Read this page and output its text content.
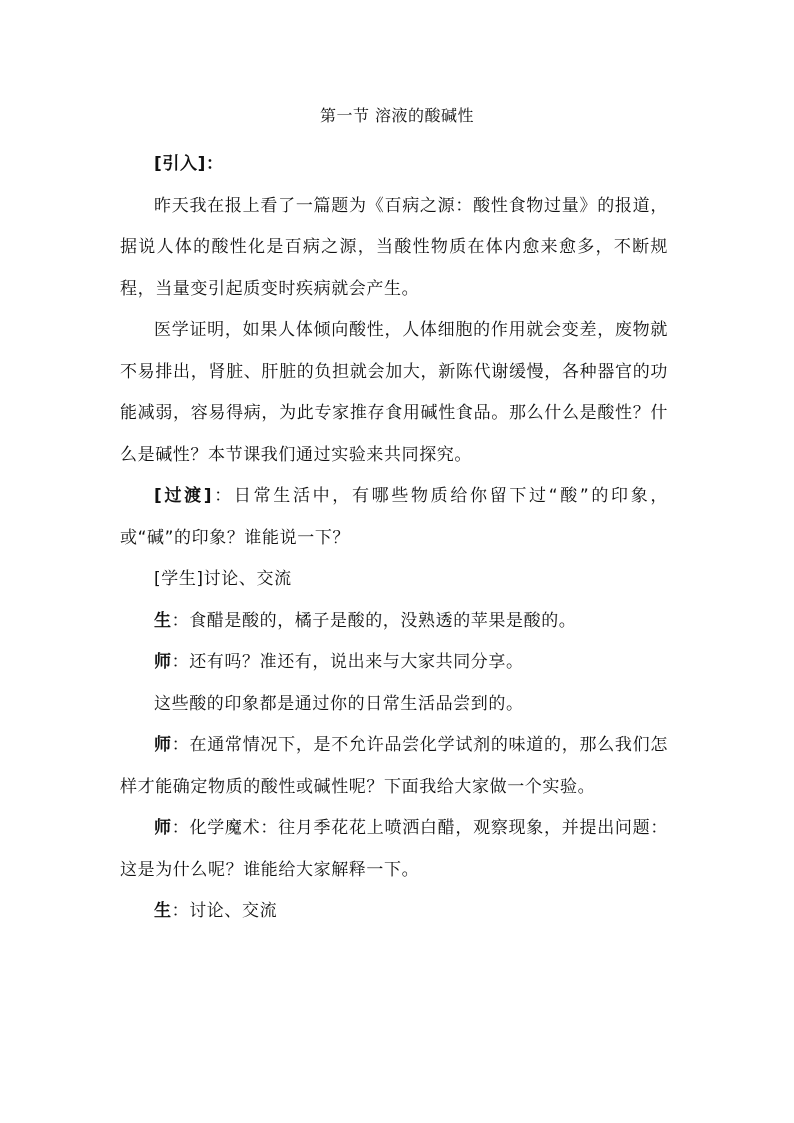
第一节 溶液的酸碱性

[引入]：

昨天我在报上看了一篇题为《百病之源：酸性食物过量》的报道，据说人体的酸性化是百病之源，当酸性物质在体内愈来愈多，不断规程，当量变引起质变时疾病就会产生。

医学证明，如果人体倾向酸性，人体细胞的作用就会变差，废物就不易排出，肾脏、肝脏的负担就会加大，新陈代谢缓慢，各种器官的功能减弱，容易得病，为此专家推存食用碱性食品。那么什么是酸性？什么是碱性？本节课我们通过实验来共同探究。

[过渡]：日常生活中，有哪些物质给你留下过“酸”的印象，或“碱”的印象？谁能说一下？

[学生]讨论、交流

生：食醋是酸的，橘子是酸的，没熟透的苹果是酸的。

师：还有吗？准还有，说出来与大家共同分享。

这些酸的印象都是通过你的日常生活品尝到的。

师：在通常情况下，是不允许品尝化学试剂的味道的，那么我们怎样才能确定物质的酸性或碱性呢？下面我给大家做一个实验。

师：化学魔术：往月季花花上喷洒白醋，观察现象，并提出问题：这是为什么呢？谁能给大家解释一下。

生：讨论、交流
